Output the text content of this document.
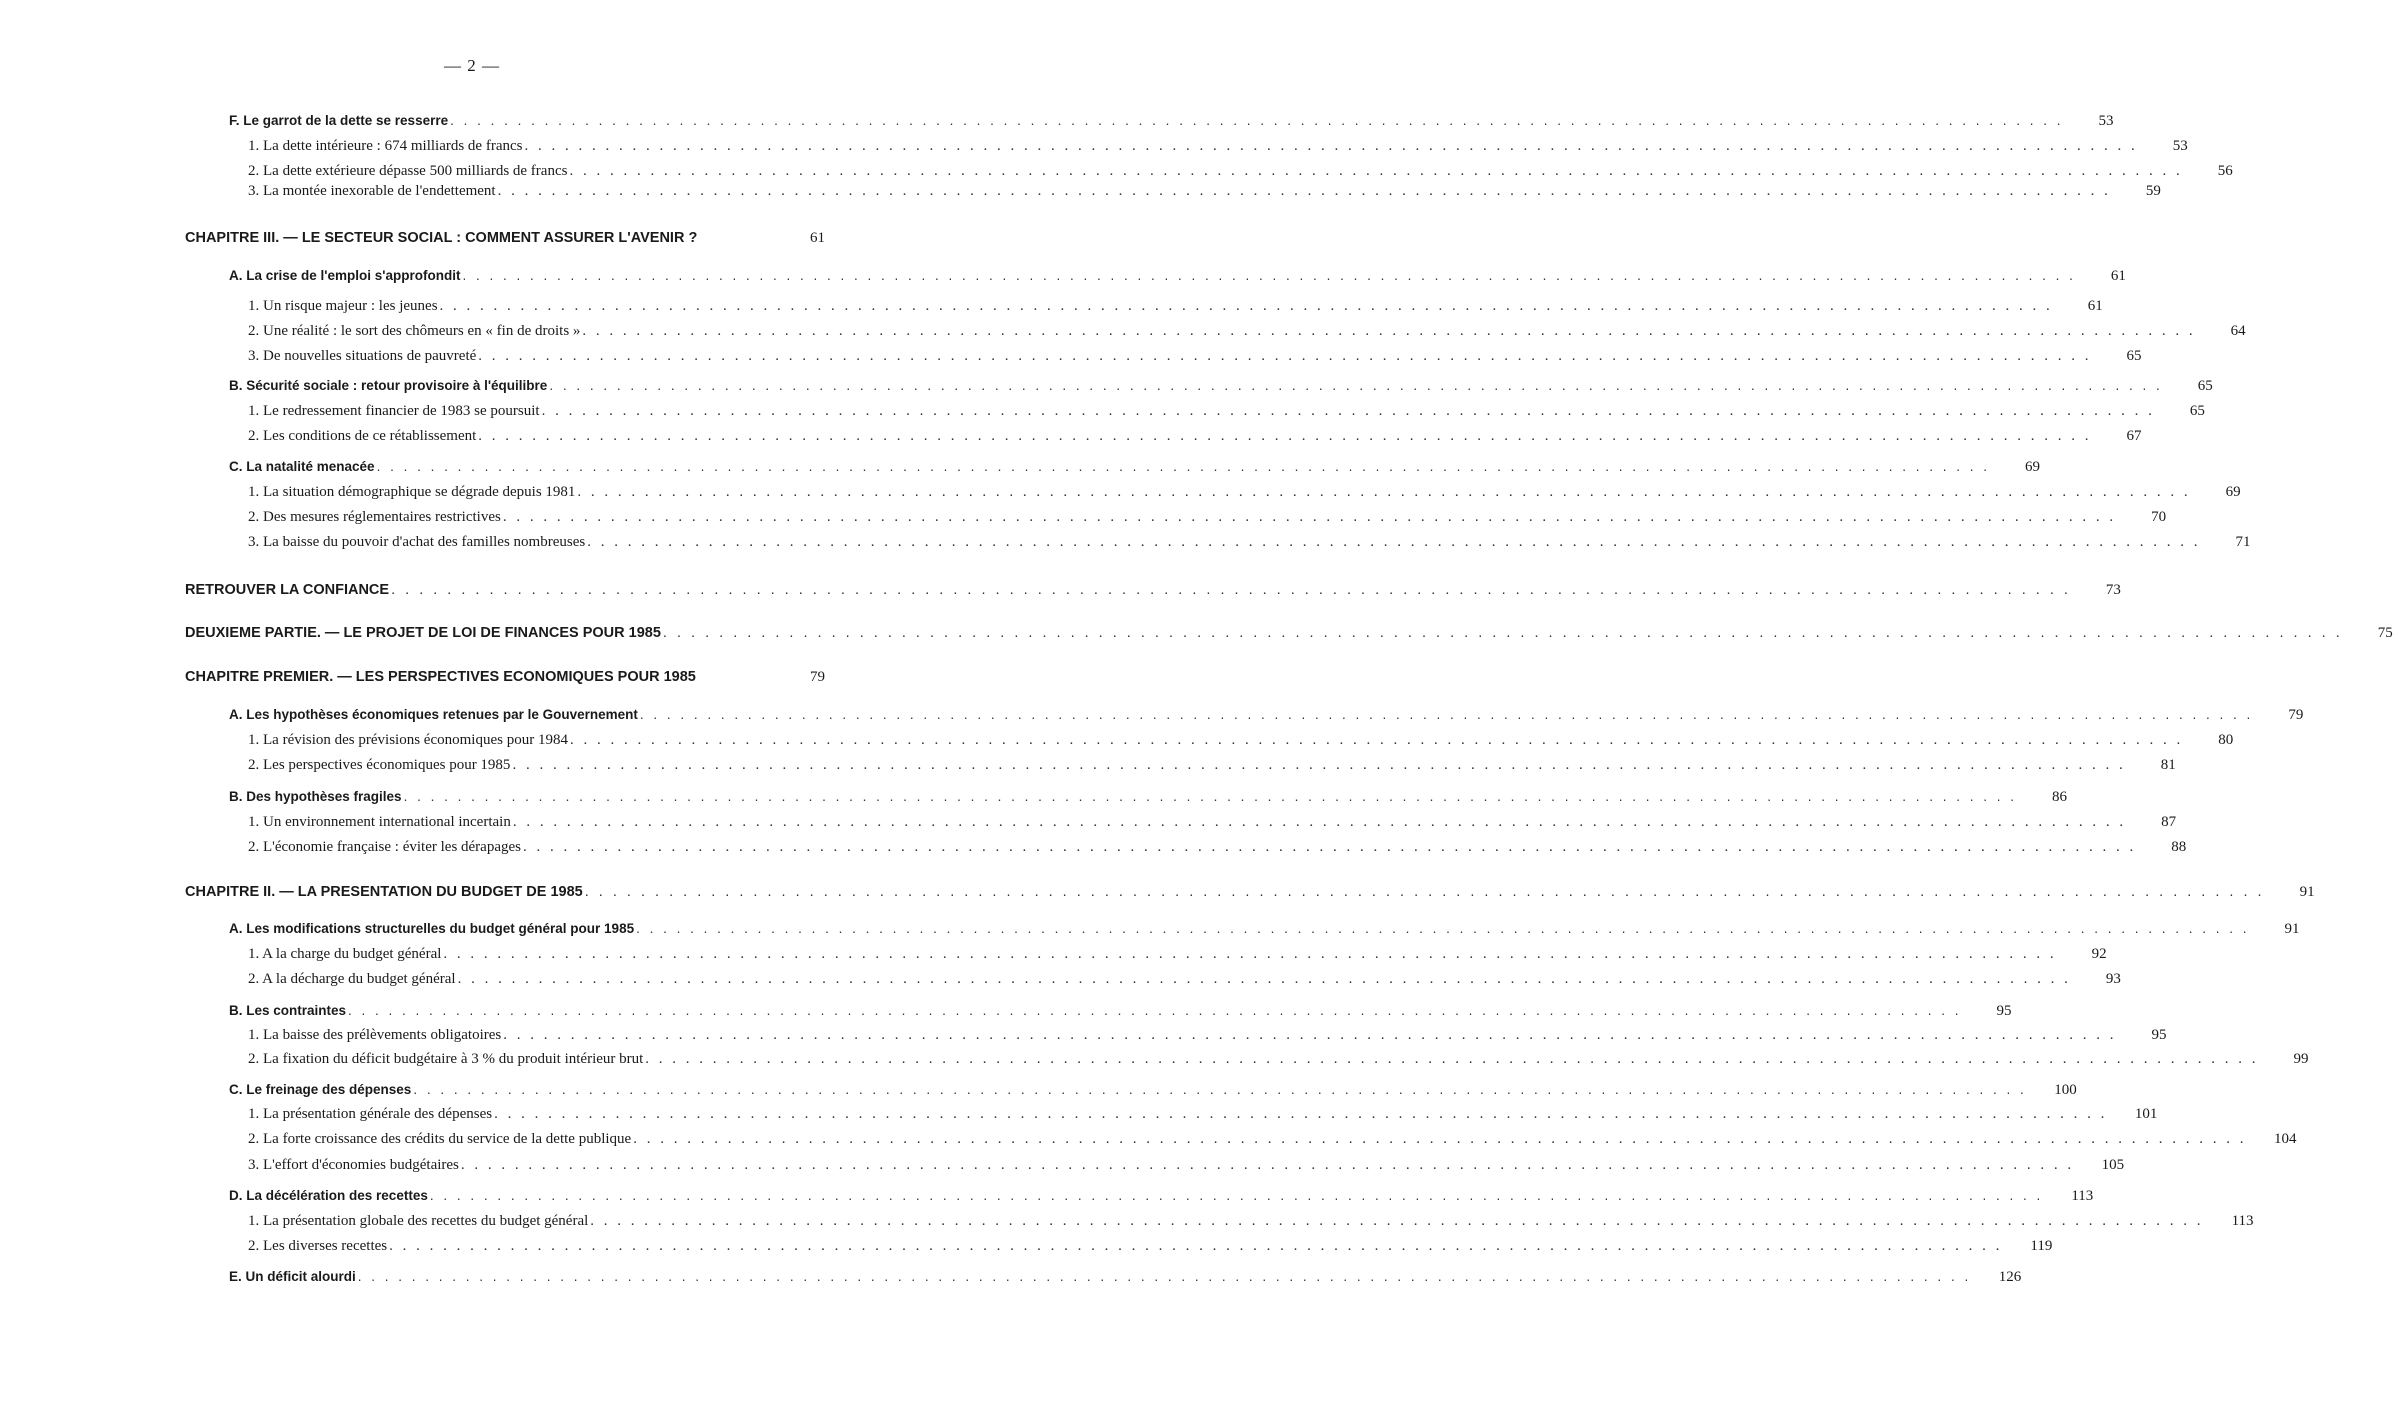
— 2 —
F. Le garrot de la dette se resserre . . . . . . . . . . . . . . . . . . . . . . . . . . . . . . . . . . . . . . . . . . . . . . . . . . . . . . . . . . . . . . . . . . . . . . . . . . . . . . . . . . . . . . . . . . . . . . . . . . . . . . . . . . . . . . . . . . . . . . . .	53
1. La dette intérieure : 674 milliards de francs . . . . . . . . . . . . . . . . . . . . . . . . . . . . . . . . . . . . . . . . . . . . . . . . . . . . . . . . . . . . . . . . . . . . . . . . . . . . . . . . . . . . . . . . . . . . . . . . . . . . . . . . . . . . . . . . . . . . . . . .	53
2. La dette extérieure dépasse 500 milliards de francs . . . . . . . . . . . . . . . . . . . . . . . . . . . . . . . . . . . . . . . . . . . . . . . . . . . . . . . . . . . . . . . . . . . . . . . . . . . . . . . . . . . . . . . . . . . . . . . . . . . . . . . . . . . . . . . . . . . . . . . .	56
3. La montée inexorable de l'endettement . . . . . . . . . . . . . . . . . . . . . . . . . . . . . . . . . . . . . . . . . . . . . . . . . . . . . . . . . . . . . . . . . . . . . . . . . . . . . . . . . . . . . . . . . . . . . . . . . . . . . . . . . . . . . . . . . . . . . . . .	59
CHAPITRE III. — LE SECTEUR SOCIAL : COMMENT ASSURER L'AVENIR ?	61
A. La crise de l'emploi s'approfondit . . . . . . . . . . . . . . . . . . . . . . . . . . . . . . . . . . . . . . . . . . . . . . . . . . . . . . . . . . . . . . . . . . . . . . . . . . . . . . . . . . . . . . . . . . . . . . . . . . . . . . . . . . . . . . . . . . . . . . . .	61
1. Un risque majeur : les jeunes . . . . . . . . . . . . . . . . . . . . . . . . . . . . . . . . . . . . . . . . . . . . . . . . . . . . . . . . . . . . . . . . . . . . . . . . . . . . . . . . . . . . . . . . . . . . . . . . . . . . . . . . . . . . . . . . . . . . . . . .	61
2. Une réalité : le sort des chômeurs en « fin de droits » . . . . . . . . . . . . . . . . . . . . . . . . . . . . . . . . . . . . . . . . . . . . . . . . . . . . . . . . . . . . . . . . . . . . . . . . . . . . . . . . . . . . . . . . . . . . . . . . . . . . . . . . . . . . . . . . . . . . . . . .	64
3. De nouvelles situations de pauvreté . . . . . . . . . . . . . . . . . . . . . . . . . . . . . . . . . . . . . . . . . . . . . . . . . . . . . . . . . . . . . . . . . . . . . . . . . . . . . . . . . . . . . . . . . . . . . . . . . . . . . . . . . . . . . . . . . . . . . . . .	65
B. Sécurité sociale : retour provisoire à l'équilibre . . . . . . . . . . . . . . . . . . . . . . . . . . . . . . . . . . . . . . . . . . . . . . . . . . . . . . . . . . . . . . . . . . . . . . . . . . . . . . . . . . . . . . . . . . . . . . . . . . . . . . . . . . . . . . . . . . . . . . . .	65
1. Le redressement financier de 1983 se poursuit . . . . . . . . . . . . . . . . . . . . . . . . . . . . . . . . . . . . . . . . . . . . . . . . . . . . . . . . . . . . . . . . . . . . . . . . . . . . . . . . . . . . . . . . . . . . . . . . . . . . . . . . . . . . . . . . . . . . . . . .	65
2. Les conditions de ce rétablissement . . . . . . . . . . . . . . . . . . . . . . . . . . . . . . . . . . . . . . . . . . . . . . . . . . . . . . . . . . . . . . . . . . . . . . . . . . . . . . . . . . . . . . . . . . . . . . . . . . . . . . . . . . . . . . . . . . . . . . . .	67
C. La natalité menacée . . . . . . . . . . . . . . . . . . . . . . . . . . . . . . . . . . . . . . . . . . . . . . . . . . . . . . . . . . . . . . . . . . . . . . . . . . . . . . . . . . . . . . . . . . . . . . . . . . . . . . . . . . . . . . . . . . . . . . . .	69
1. La situation démographique se dégrade depuis 1981 . . . . . . . . . . . . . . . . . . . . . . . . . . . . . . . . . . . . . . . . . . . . . . . . . . . . . . . . . . . . . . . . . . . . . . . . . . . . . . . . . . . . . . . . . . . . . . . . . . . . . . . . . . . . . . . . . . . . . . . .	69
2. Des mesures réglementaires restrictives . . . . . . . . . . . . . . . . . . . . . . . . . . . . . . . . . . . . . . . . . . . . . . . . . . . . . . . . . . . . . . . . . . . . . . . . . . . . . . . . . . . . . . . . . . . . . . . . . . . . . . . . . . . . . . . . . . . . . . . .	70
3. La baisse du pouvoir d'achat des familles nombreuses . . . . . . . . . . . . . . . . . . . . . . . . . . . . . . . . . . . . . . . . . . . . . . . . . . . . . . . . . . . . . . . . . . . . . . . . . . . . . . . . . . . . . . . . . . . . . . . . . . . . . . . . . . . . . . . . . . . . . . . .	71
RETROUVER LA CONFIANCE . . . . . . . . . . . . . . . . . . . . . . . . . . . . . . . . . . . . . . . . . . . . . . . . . . . . . . . . . . . . . . . . . . . . . . . . . . . . . . . . . . . . . . . . . . . . . . . . . . . . . . . . . . . . . . . . . . . . . . . .	73
DEUXIEME PARTIE. — LE PROJET DE LOI DE FINANCES POUR 1985 . . . . . . . . . . . . . . . . . . . . . . . . . . . . . . . . . . . . . . . . . . . . . . . . . . . . . . . . . . . . . . . . . . . . . . . . . . . . . . . . . . . . . . . . . . . . . . . . . . . . . . . . . . . . . . . . . . . . . . . .	75
CHAPITRE PREMIER. — LES PERSPECTIVES ECONOMIQUES POUR 1985	79
A. Les hypothèses économiques retenues par le Gouvernement . . . . . . . . . . . . . . . . . . . . . . . . . . . . . . . . . . . . . . . . . . . . . . . . . . . . . . . . . . . . . . . . . . . . . . . . . . . . . . . . . . . . . . . . . . . . . . . . . . . . . . . . . . . . . . . . . . . . . . . .	79
1. La révision des prévisions économiques pour 1984 . . . . . . . . . . . . . . . . . . . . . . . . . . . . . . . . . . . . . . . . . . . . . . . . . . . . . . . . . . . . . . . . . . . . . . . . . . . . . . . . . . . . . . . . . . . . . . . . . . . . . . . . . . . . . . . . . . . . . . . .	80
2. Les perspectives économiques pour 1985 . . . . . . . . . . . . . . . . . . . . . . . . . . . . . . . . . . . . . . . . . . . . . . . . . . . . . . . . . . . . . . . . . . . . . . . . . . . . . . . . . . . . . . . . . . . . . . . . . . . . . . . . . . . . . . . . . . . . . . . .	81
B. Des hypothèses fragiles . . . . . . . . . . . . . . . . . . . . . . . . . . . . . . . . . . . . . . . . . . . . . . . . . . . . . . . . . . . . . . . . . . . . . . . . . . . . . . . . . . . . . . . . . . . . . . . . . . . . . . . . . . . . . . . . . . . . . . . .	86
1. Un environnement international incertain . . . . . . . . . . . . . . . . . . . . . . . . . . . . . . . . . . . . . . . . . . . . . . . . . . . . . . . . . . . . . . . . . . . . . . . . . . . . . . . . . . . . . . . . . . . . . . . . . . . . . . . . . . . . . . . . . . . . . . . .	87
2. L'économie française : éviter les dérapages . . . . . . . . . . . . . . . . . . . . . . . . . . . . . . . . . . . . . . . . . . . . . . . . . . . . . . . . . . . . . . . . . . . . . . . . . . . . . . . . . . . . . . . . . . . . . . . . . . . . . . . . . . . . . . . . . . . . . . . .	88
CHAPITRE II. — LA PRESENTATION DU BUDGET DE 1985 . . . . . . . . . . . . . . . . . . . . . . . . . . . . . . . . . . . . . . . . . . . . . . . . . . . . . . . . . . . . . . . . . . . . . . . . . . . . . . . . . . . . . . . . . . . . . . . . . . . . . . . . . . . . . . . . . . . . . . . .	91
A. Les modifications structurelles du budget général pour 1985 . . . . . . . . . . . . . . . . . . . . . . . . . . . . . . . . . . . . . . . . . . . . . . . . . . . . . . . . . . . . . . . . . . . . . . . . . . . . . . . . . . . . . . . . . . . . . . . . . . . . . . . . . . . . . . . . . . . . . . . .	91
1. A la charge du budget général . . . . . . . . . . . . . . . . . . . . . . . . . . . . . . . . . . . . . . . . . . . . . . . . . . . . . . . . . . . . . . . . . . . . . . . . . . . . . . . . . . . . . . . . . . . . . . . . . . . . . . . . . . . . . . . . . . . . . . . .	92
2. A la décharge du budget général . . . . . . . . . . . . . . . . . . . . . . . . . . . . . . . . . . . . . . . . . . . . . . . . . . . . . . . . . . . . . . . . . . . . . . . . . . . . . . . . . . . . . . . . . . . . . . . . . . . . . . . . . . . . . . . . . . . . . . . .	93
B. Les contraintes . . . . . . . . . . . . . . . . . . . . . . . . . . . . . . . . . . . . . . . . . . . . . . . . . . . . . . . . . . . . . . . . . . . . . . . . . . . . . . . . . . . . . . . . . . . . . . . . . . . . . . . . . . . . . . . . . . . . . . . .	95
1. La baisse des prélèvements obligatoires . . . . . . . . . . . . . . . . . . . . . . . . . . . . . . . . . . . . . . . . . . . . . . . . . . . . . . . . . . . . . . . . . . . . . . . . . . . . . . . . . . . . . . . . . . . . . . . . . . . . . . . . . . . . . . . . . . . . . . . .	95
2. La fixation du déficit budgétaire à 3 % du produit intérieur brut . . . . . . . . . . . . . . . . . . . . . . . . . . . . . . . . . . . . . . . . . . . . . . . . . . . . . . . . . . . . . . . . . . . . . . . . . . . . . . . . . . . . . . . . . . . . . . . . . . . . . . . . . . . . . . . . . . . . . . . .	99
C. Le freinage des dépenses . . . . . . . . . . . . . . . . . . . . . . . . . . . . . . . . . . . . . . . . . . . . . . . . . . . . . . . . . . . . . . . . . . . . . . . . . . . . . . . . . . . . . . . . . . . . . . . . . . . . . . . . . . . . . . . . . . . . . . . .	100
1. La présentation générale des dépenses . . . . . . . . . . . . . . . . . . . . . . . . . . . . . . . . . . . . . . . . . . . . . . . . . . . . . . . . . . . . . . . . . . . . . . . . . . . . . . . . . . . . . . . . . . . . . . . . . . . . . . . . . . . . . . . . . . . . . . . .	101
2. La forte croissance des crédits du service de la dette publique . . . . . . . . . . . . . . . . . . . . . . . . . . . . . . . . . . . . . . . . . . . . . . . . . . . . . . . . . . . . . . . . . . . . . . . . . . . . . . . . . . . . . . . . . . . . . . . . . . . . . . . . . . . . . . . . . . . . . . . .	104
3. L'effort d'économies budgétaires . . . . . . . . . . . . . . . . . . . . . . . . . . . . . . . . . . . . . . . . . . . . . . . . . . . . . . . . . . . . . . . . . . . . . . . . . . . . . . . . . . . . . . . . . . . . . . . . . . . . . . . . . . . . . . . . . . . . . . . .	105
D. La décélération des recettes . . . . . . . . . . . . . . . . . . . . . . . . . . . . . . . . . . . . . . . . . . . . . . . . . . . . . . . . . . . . . . . . . . . . . . . . . . . . . . . . . . . . . . . . . . . . . . . . . . . . . . . . . . . . . . . . . . . . . . . .	113
1. La présentation globale des recettes du budget général . . . . . . . . . . . . . . . . . . . . . . . . . . . . . . . . . . . . . . . . . . . . . . . . . . . . . . . . . . . . . . . . . . . . . . . . . . . . . . . . . . . . . . . . . . . . . . . . . . . . . . . . . . . . . . . . . . . . . . . .	113
2. Les diverses recettes . . . . . . . . . . . . . . . . . . . . . . . . . . . . . . . . . . . . . . . . . . . . . . . . . . . . . . . . . . . . . . . . . . . . . . . . . . . . . . . . . . . . . . . . . . . . . . . . . . . . . . . . . . . . . . . . . . . . . . . .	119
E. Un déficit alourdi . . . . . . . . . . . . . . . . . . . . . . . . . . . . . . . . . . . . . . . . . . . . . . . . . . . . . . . . . . . . . . . . . . . . . . . . . . . . . . . . . . . . . . . . . . . . . . . . . . . . . . . . . . . . . . . . . . . . . . . .	126
